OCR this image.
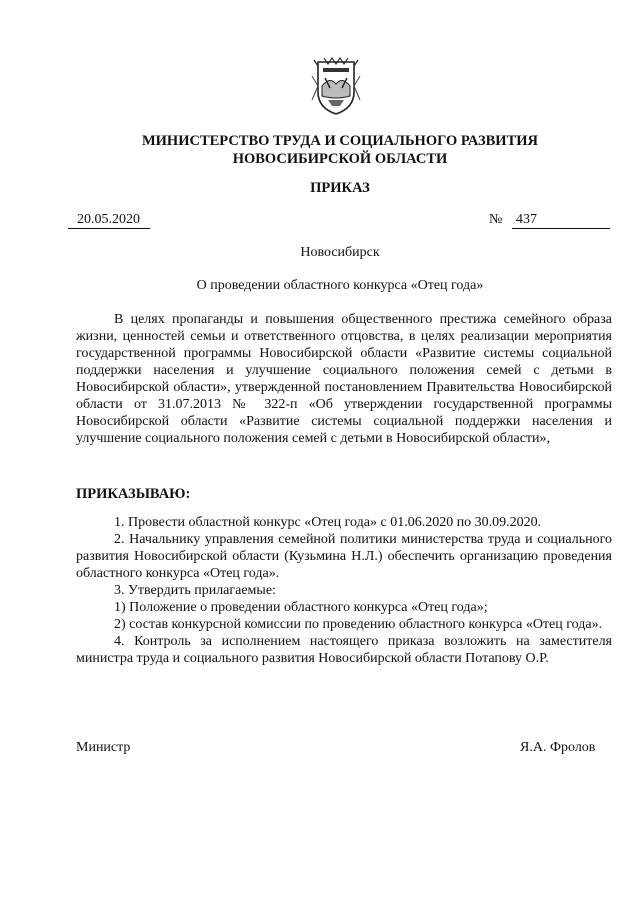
МИНИСТЕРСТВО ТРУДА И СОЦИАЛЬНОГО РАЗВИТИЯ
НОВОСИБИРСКОЙ ОБЛАСТИ
ПРИКАЗ
20.05.2020	№ 437
Новосибирск
О проведении областного конкурса «Отец года»

В целях пропаганды и повышения общественного престижа семейного образа жизни, ценностей семьи и ответственного отцовства, в целях реализации мероприятия государственной программы Новосибирской области «Развитие системы социальной поддержки населения и улучшение социального положения семей с детьми в Новосибирской области», утвержденной постановлением Правительства Новосибирской области от 31.07.2013 № 322-п «Об утверждении государственной программы Новосибирской области «Развитие системы социальной поддержки населения и улучшение социального положения семей с детьми в Новосибирской области»,

ПРИКАЗЫВАЮ:

1. Провести областной конкурс «Отец года» с 01.06.2020 по 30.09.2020.

2. Начальнику управления семейной политики министерства труда и социального развития Новосибирской области (Кузьмина Н.Л.) обеспечить организацию проведения областного конкурса «Отец года».

3. Утвердить прилагаемые:

1) Положение о проведении областного конкурса «Отец года»;

2) состав конкурсной комиссии по проведению областного конкурса «Отец года».

4. Контроль за исполнением настоящего приказа возложить на заместителя министра труда и социального развития Новосибирской области Потапову О.Р.

Министр	Я.А. Фролов
